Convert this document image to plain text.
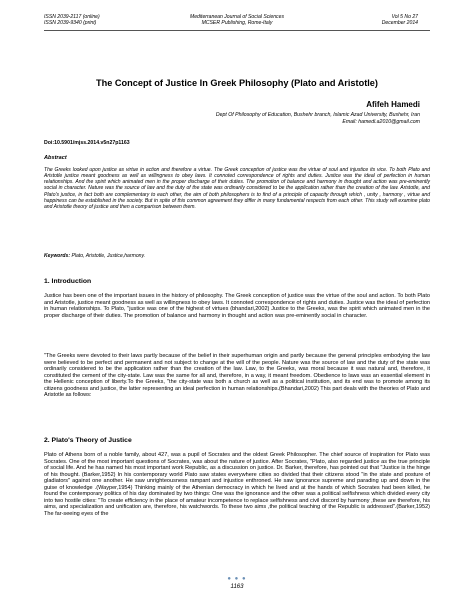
ISSN 2039-2117 (online)
ISSN 2039-9340 (print)
Mediterranean Journal of Social Sciences
MCSER Publishing, Rome-Italy
Vol 5 No 27
December 2014
The Concept of Justice In Greek Philosophy (Plato and Aristotle)
Afifeh Hamedi
Dept Of Philosophy of Education, Bushehr branch, Islamic Azad University, Bushehr, Iran
Email: hamedi.a2010@gmail.com
Doi:10.5901/mjss.2014.v5n27p1163
Abstract
The Greeks looked upon justice as virtue in action and therefore a virtue. The Greek conception of justice was the virtue of soul and injustice its vice. To both Plato and Aristotle justice meant goodness as well as willingness to obey laws. It connoted correspondence of rights and duties. Justice was the ideal of perfection in human relationships. And the spirit which animated men in the proper discharge of their duties. The promotion of balance and harmony in thought and action was pre-eminently social in character. Nature was the source of law and the duty of the state was ordinarily considered to be the application rather than the creation of the law. Aristotle, and Plato's justice, in fact both are complementary to each other, the aim of both philosophers is to find of a principle of capacity through which , unity , harmony , virtue and happiness can be established in the society. But in spite of this common agreement they differ in many fundamental respects from each other. This study will examine plato and Aristotle theory of justice and then a comparison between them.
Keywords: Plato, Aristotle, Justice,harmony.
1. Introduction
Justice has been one of the important issues in the history of philosophy. The Greek conception of justice was the virtue of the soul and action. To both Plato and Aristotle, justice meant goodness as well as willingness to obey laws. It connoted correspondence of rights and duties. Justice was the ideal of perfection in human relationships. To Plato, "justice was one of the highest of virtues (bhandari,2002) Justice to the Greeks, was the spirit which animated men in the proper discharge of their duties. The promotion of balance and harmony in thought and action was pre-eminently social in character.
"The Greeks were devoted to their laws partly because of the belief in their superhuman origin and partly because the general principles embodying the law were believed to be perfect and permanent and not subject to change at the will of the people. Nature was the source of law and the duty of the state was ordinarily considered to be the application rather than the creation of the law. Law, to the Greeks, was moral because it was natural and, therefore, it constituted the cement of the city-state. Law was the same for all and, therefore, in a way, it meant freedom. Obedience to laws was an essential element in the Hellenic conception of liberty.To the Greeks, "the city-state was both a church as well as a political institution, and its end was to promote among its citizens goodness and justice, the latter representing an ideal perfection in human relationships.(Bhandari,2002) This part deals with the theories of Plato and Aristotle as follows:
2. Plato's Theory of Justice
Plato of Athens born of a noble family, about 427, was a pupil of Socrates and the oldest Greek Philosopher. The chief source of inspiration for Plato was Socrates. One of the most important questions of Socrates, was about the nature of justice. After Socrates, "Plato, also regarded justice as the true principle of social life. And he has named his most important work Republic, as a discussion on justice. Dr. Barker, therefore, has pointed out that "Justice is the hinge of his thought. (Barker,1952) In his contemporary world Plato saw states everywhere cities so divided that their citizens stood "in the state and posture of gladiators" against one another. He saw unrighteousness rampant and injustice enthroned. He saw ignorance supreme and parading up and down in the guise of knowledge .(Wayper,1954) Thinking mainly of the Athenian democracy in which he lived and at the hands of which Socrates had been killed, he found the contemporary politics of his day dominated by two things: One was the ignorance and the other was a political selfishness which divided every city into two hostile cities: "To create efficiency in the place of amateur incompetence to replace selfishness and civil discord by harmony ,these are therefore, his aims, and specialization and unification are, therefore, his watchwords. To these two aims ,the political teaching of the Republic is addressed".(Barker,1952) The far-seeing eyes of the
● ● ●
1163
